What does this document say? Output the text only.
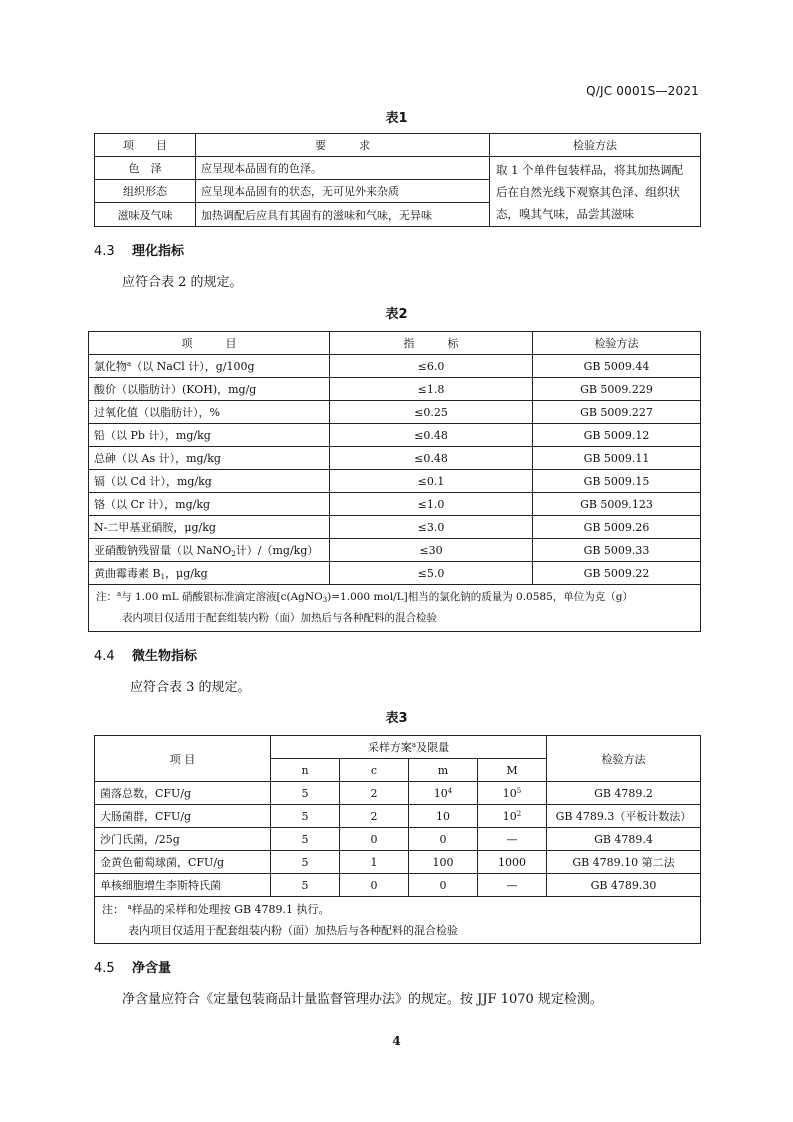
Q/JC 0001S—2021
表1
项　　目	要　　　求	检验方法
色　泽	应呈现本品固有的色泽。	取 1 个单件包装样品，将其加热调配后在自然光线下观察其色泽、组织状态，嗅其气味，品尝其滋味
组织形态	应呈现本品固有的状态，无可见外来杂质	
滋味及气味	加热调配后应具有其固有的滋味和气味，无异味	
4.3 理化指标
应符合表 2 的规定。
表2
项　　　目	指　　　标	检验方法
氯化物$^a$（以 NaCl 计），g/100g	≤6.0	GB 5009.44
酸价（以脂肪计）(KOH)，mg/g	≤1.8	GB 5009.229
过氧化值（以脂肪计），%	≤0.25	GB 5009.227
铅（以 Pb 计），mg/kg	≤0.48	GB 5009.12
总砷（以 As 计），mg/kg	≤0.48	GB 5009.11
镉（以 Cd 计），mg/kg	≤0.1	GB 5009.15
铬（以 Cr 计），mg/kg	≤1.0	GB 5009.123
N-二甲基亚硝胺，μg/kg	≤3.0	GB 5009.26
亚硝酸钠残留量（以 NaNO$_2$计）/（mg/kg）	≤30	GB 5009.33
黄曲霉毒素 $B_1$，μg/kg	≤5.0	GB 5009.22

注：$^a$与 1.00 mL 硝酸银标准滴定溶液[c(AgNO$_3$)=1.000 mol/L]相当的氯化钠的质量为 0.0585，单位为克（g）
表内项目仅适用于配套组装内粉（面）加热后与各种配料的混合检验		
4.4 微生物指标
应符合表 3 的规定。
表3
项 目	采样方案$^a$及限量				检验方法
	n	c	m	M	
菌落总数，CFU/g	5	2	$10^4$	$10^5$	GB 4789.2
大肠菌群，CFU/g	5	2	10	$10^2$	GB 4789.3（平板计数法）
沙门氏菌，/25g	5	0	0	—	GB 4789.4
金黄色葡萄球菌，CFU/g	5	1	100	1000	GB 4789.10 第二法
单核细胞增生李斯特氏菌	5	0	0	—	GB 4789.30

注： $^a$样品的采样和处理按 GB 4789.1 执行。
表内项目仅适用于配套组装内粉（面）加热后与各种配料的混合检验					
4.5 净含量
净含量应符合《定量包装商品计量监督管理办法》的规定。按 JJF 1070 规定检测。
4
